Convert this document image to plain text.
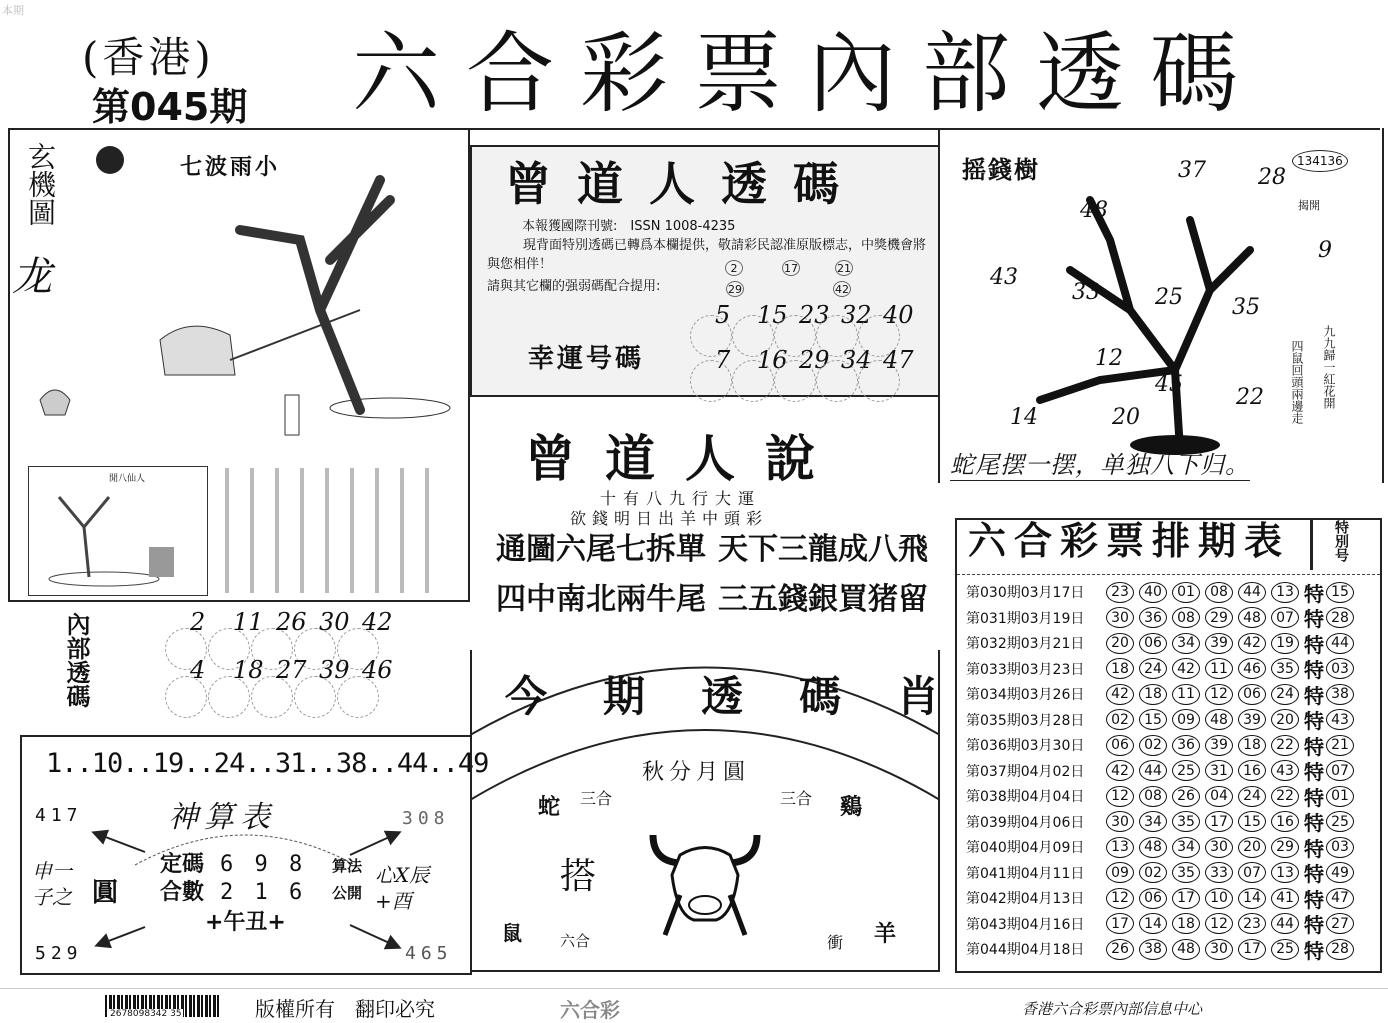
本期
(香港)
第045期 六合彩票內部透碼
玄機圖
龙
七波雨小
閒八仙人
內部透碼	2 11 26 30 42
4 18 27 39 46
1..10..19..24..31..38..44..49
神算表
417	308
529	465
申一子之 圓
心X辰+酉
定碼 6 9 8
合數 2 1 6
算法
公開
+午丑+
曾道人透碼
本報獲國際刊號:　ISSN 1008-4235
現背面特別透碼已轉爲本欄提供，敬請彩民認准原版標志，中獎機會將與您相伴！
請與其它欄的强弱碼配合提用:
2	17	21
29	42
幸運号碼
5 15 23 32 40
7 16 29 34 47
曾道人說
十有八九行大運
欲錢明日出羊中頭彩
通圖六尾七拆單 天下三龍成八飛
四中南北兩牛尾 三五錢銀買猪留
今期透碼肖
秋分月圓
蛇 三合	三合 鷄
搭
鼠	六合	衝 羊
摇錢樹	134136
揭開
37 28
48
9
43
33	25 35
12
45
22
14	20
九九歸一紅花開
四鼠回頭兩邊走
蛇尾摆一摆，单独八下归。
六合彩票排期表	特別号
第030期03月17日	23	40	01	08	44	13 特 15
第031期03月19日	30	36	08	29	48	07 特 28
第032期03月21日	20	06	34	39	42	19 特 44
第033期03月23日	18	24	42	11	46	35 特 03
第034期03月26日	42	18	11	12	06	24 特 38
第035期03月28日	02	15	09	48	39	20 特 43
第036期03月30日	06	02	36	39	18	22 特 21
第037期04月02日	42	44	25	31	16	43 特 07
第038期04月04日	12	08	26	04	24	22 特 01
第039期04月06日	30	34	35	17	15	16 特 25
第040期04月09日	13	48	34	30	20	29 特 03
第041期04月11日	09	02	35	33	07	13 特 49
第042期04月13日	12	06	17	10	14	41 特 47
第043期04月16日	17	14	18	12	23	44 特 27
第044期04月18日	26	38	48	30	17	25 特 28
2678098342 35	版權所有　翻印必究	六合彩	香港六合彩票內部信息中心
